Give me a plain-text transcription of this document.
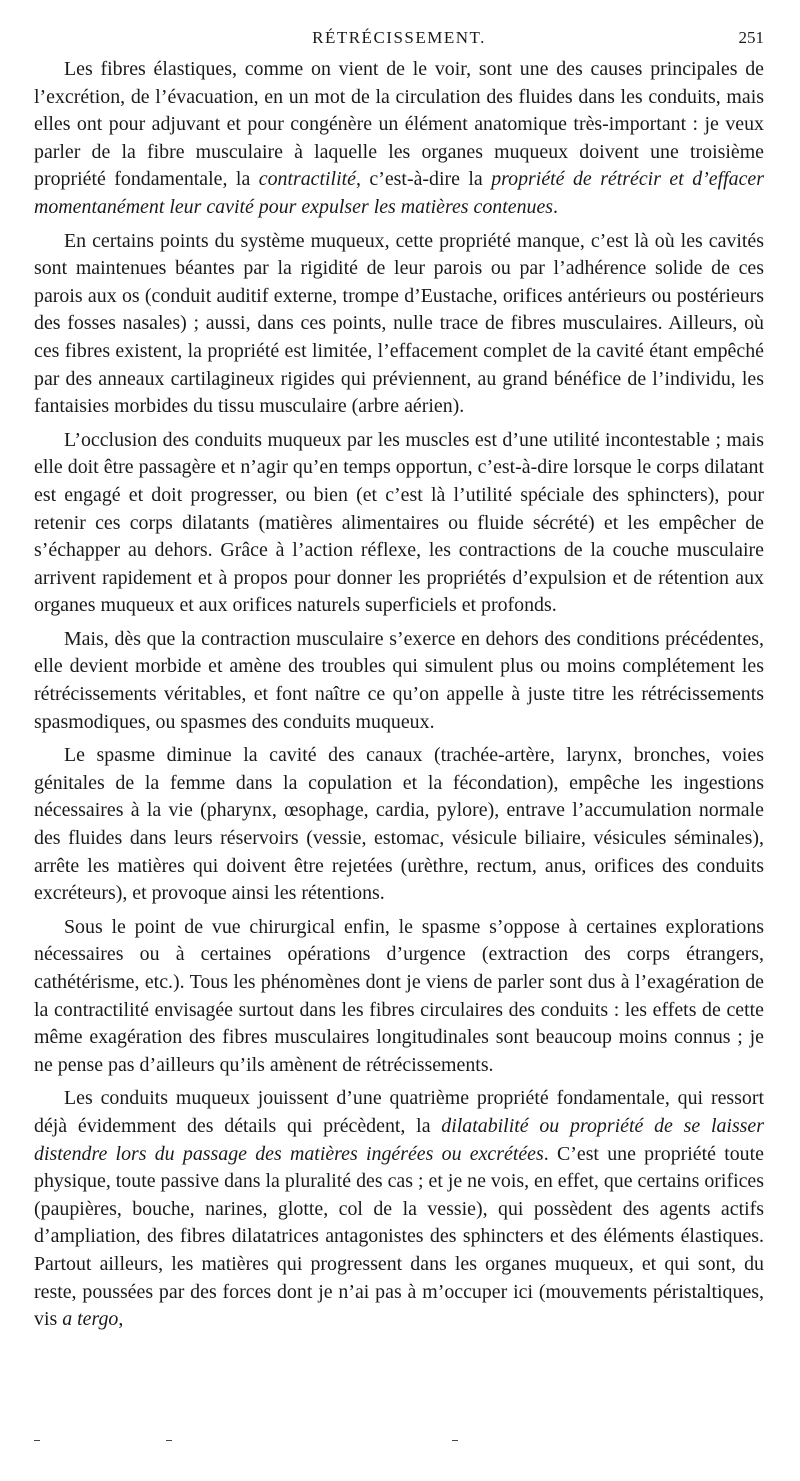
RÉTRÉCISSEMENT.	251

Les fibres élastiques, comme on vient de le voir, sont une des causes principales de l’excrétion, de l’évacuation, en un mot de la circulation des fluides dans les conduits, mais elles ont pour adjuvant et pour congénère un élément anatomique très-important : je veux parler de la fibre musculaire à laquelle les organes muqueux doivent une troisième propriété fondamentale, la contractilité, c’est-à-dire la propriété de rétrécir et d’effacer momentanément leur cavité pour expulser les matières contenues.

En certains points du système muqueux, cette propriété manque, c’est là où les cavités sont maintenues béantes par la rigidité de leur parois ou par l’adhérence solide de ces parois aux os (conduit auditif externe, trompe d’Eustache, orifices antérieurs ou postérieurs des fosses nasales) ; aussi, dans ces points, nulle trace de fibres musculaires. Ailleurs, où ces fibres existent, la propriété est limitée, l’effacement complet de la cavité étant empêché par des anneaux cartilagineux rigides qui préviennent, au grand bénéfice de l’individu, les fantaisies morbides du tissu musculaire (arbre aérien).

L’occlusion des conduits muqueux par les muscles est d’une utilité incontestable ; mais elle doit être passagère et n’agir qu’en temps opportun, c’est-à-dire lorsque le corps dilatant est engagé et doit progresser, ou bien (et c’est là l’utilité spéciale des sphincters), pour retenir ces corps dilatants (matières alimentaires ou fluide sécrété) et les empêcher de s’échapper au dehors. Grâce à l’action réflexe, les contractions de la couche musculaire arrivent rapidement et à propos pour donner les propriétés d’expulsion et de rétention aux organes muqueux et aux orifices naturels superficiels et profonds.

Mais, dès que la contraction musculaire s’exerce en dehors des conditions précédentes, elle devient morbide et amène des troubles qui simulent plus ou moins complétement les rétrécissements véritables, et font naître ce qu’on appelle à juste titre les rétrécissements spasmodiques, ou spasmes des conduits muqueux.

Le spasme diminue la cavité des canaux (trachée-artère, larynx, bronches, voies génitales de la femme dans la copulation et la fécondation), empêche les ingestions nécessaires à la vie (pharynx, œsophage, cardia, pylore), entrave l’accumulation normale des fluides dans leurs réservoirs (vessie, estomac, vésicule biliaire, vésicules séminales), arrête les matières qui doivent être rejetées (urèthre, rectum, anus, orifices des conduits excréteurs), et provoque ainsi les rétentions.

Sous le point de vue chirurgical enfin, le spasme s’oppose à certaines explorations nécessaires ou à certaines opérations d’urgence (extraction des corps étrangers, cathétérisme, etc.). Tous les phénomènes dont je viens de parler sont dus à l’exagération de la contractilité envisagée surtout dans les fibres circulaires des conduits : les effets de cette même exagération des fibres musculaires longitudinales sont beaucoup moins connus ; je ne pense pas d’ailleurs qu’ils amènent de rétrécissements.

Les conduits muqueux jouissent d’une quatrième propriété fondamentale, qui ressort déjà évidemment des détails qui précèdent, la dilatabilité ou propriété de se laisser distendre lors du passage des matières ingérées ou excrétées. C’est une propriété toute physique, toute passive dans la pluralité des cas ; et je ne vois, en effet, que certains orifices (paupières, bouche, narines, glotte, col de la vessie), qui possèdent des agents actifs d’ampliation, des fibres dilatatrices antagonistes des sphincters et des éléments élastiques. Partout ailleurs, les matières qui progressent dans les organes muqueux, et qui sont, du reste, poussées par des forces dont je n’ai pas à m’occuper ici (mouvements péristaltiques, vis a tergo,
